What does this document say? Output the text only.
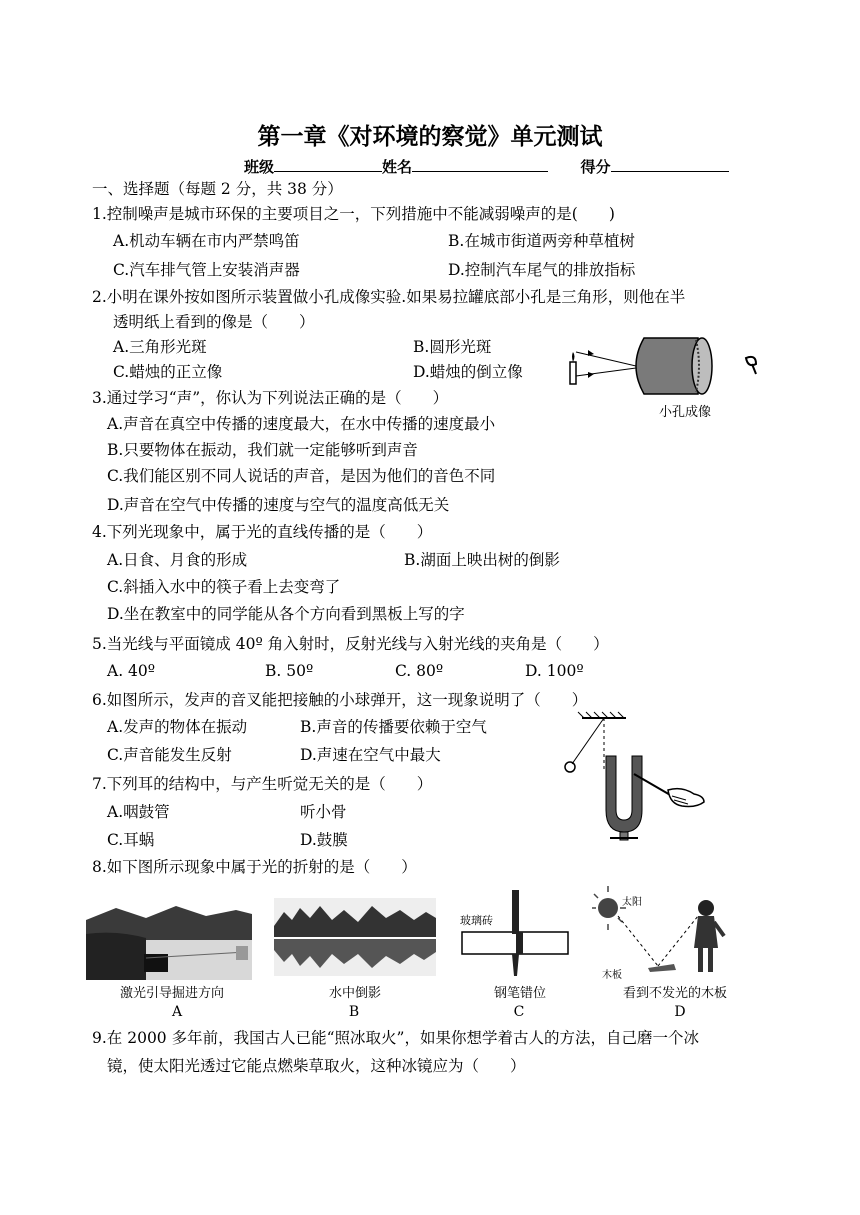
第一章《对环境的察觉》单元测试
班级	姓名	得分
一、选择题（每题 2 分，共 38 分）
1.控制噪声是城市环保的主要项目之一，下列措施中不能减弱噪声的是(　　)
A.机动车辆在市内严禁鸣笛	B.在城市街道两旁种草植树
C.汽车排气管上安装消声器	D.控制汽车尾气的排放指标
2.小明在课外按如图所示装置做小孔成像实验.如果易拉罐底部小孔是三角形，则他在半
透明纸上看到的像是（　　）
A.三角形光斑	B.圆形光斑
C.蜡烛的正立像	D.蜡烛的倒立像
小孔成像
3.通过学习“声”，你认为下列说法正确的是（　　）
A.声音在真空中传播的速度最大，在水中传播的速度最小
B.只要物体在振动，我们就一定能够听到声音
C.我们能区别不同人说话的声音，是因为他们的音色不同
D.声音在空气中传播的速度与空气的温度高低无关
4.下列光现象中，属于光的直线传播的是（　　）
A.日食、月食的形成	B.湖面上映出树的倒影
C.斜插入水中的筷子看上去变弯了
D.坐在教室中的同学能从各个方向看到黑板上写的字
5.当光线与平面镜成 40º 角入射时，反射光线与入射光线的夹角是（　　）
A. 40º	B. 50º	C. 80º	D. 100º
6.如图所示，发声的音叉能把接触的小球弹开，这一现象说明了（　　）
A.发声的物体在振动	B.声音的传播要依赖于空气
C.声音能发生反射	D.声速在空气中最大
7.下列耳的结构中，与产生听觉无关的是（　　）
A.咽鼓管	听小骨
C.耳蜗	D.鼓膜
8.如下图所示现象中属于光的折射的是（　　）
玻璃砖
太阳
木板
激光引导掘进方向	水中倒影	钢笔错位	看到不发光的木板
A	B	C	D
9.在 2000 多年前，我国古人已能“照冰取火”，如果你想学着古人的方法，自己磨一个冰
镜，使太阳光透过它能点燃柴草取火，这种冰镜应为（　　）
